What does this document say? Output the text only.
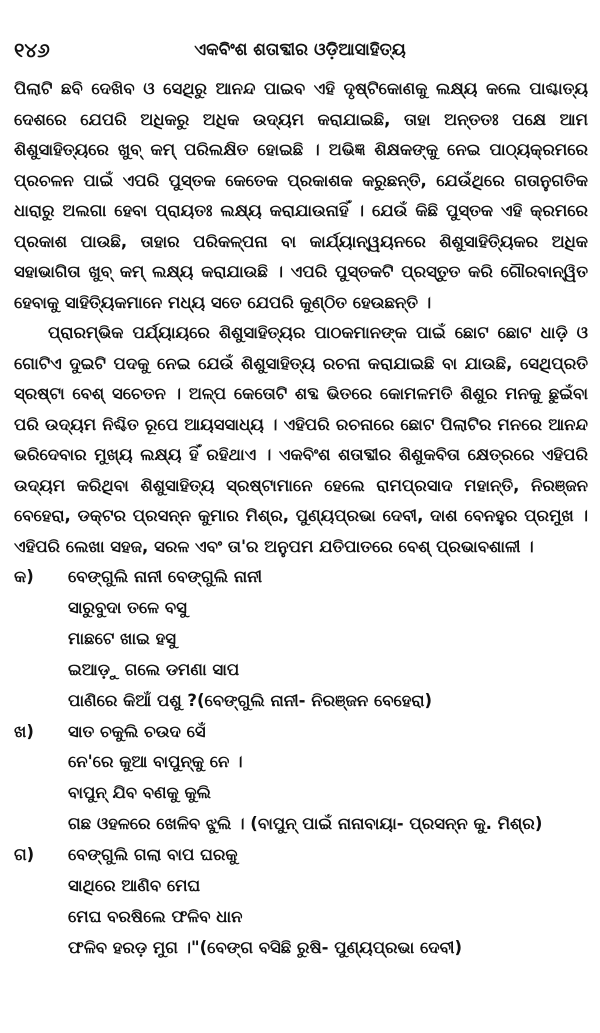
୧୪୬	ଏକବିଂଶ ଶତାବ୍ଦୀର ଓଡ଼ିଆସାହିତ୍ୟ

ପିଲାଟି ଛବି ଦେଖିବ ଓ ସେଥିରୁ ଆନନ୍ଦ ପାଇବ ଏହି ଦୃଷ୍ଟିକୋଣକୁ ଲକ୍ଷ୍ୟ କଲେ ପାଶ୍ଚାତ୍ୟ ଦେଶରେ ଯେପରି ଅଧିକରୁ ଅଧିକ ଉଦ୍ୟମ କରାଯାଇଛି, ତାହା ଅନ୍ତତଃ ପକ୍ଷେ ଆମ ଶିଶୁସାହିତ୍ୟରେ ଖୁବ୍ କମ୍ ପରିଲକ୍ଷିତ ହୋଇଛି । ଅଭିଜ୍ଞ ଶିକ୍ଷକଙ୍କୁ ନେଇ ପାଠ୍ୟକ୍ରମରେ ପ୍ରଚଳନ ପାଇଁ ଏପରି ପୁସ୍ତକ କେତେକ ପ୍ରକାଶକ କରୁଛନ୍ତି, ଯେଉଁଥିରେ ଗତାନୁଗତିକ ଧାରାରୁ ଅଲଗା ହେବା ପ୍ରାୟତଃ ଲକ୍ଷ୍ୟ କରାଯାଉନାହିଁ । ଯେଉଁ କିଛି ପୁସ୍ତକ ଏହି କ୍ରମରେ ପ୍ରକାଶ ପାଉଛି, ତାହାର ପରିକଳ୍ପନା ବା କାର୍ଯ୍ୟାନ୍ୱୟନରେ ଶିଶୁସାହିତ୍ୟିକର ଅଧିକ ସହାଭାଗିତା ଖୁବ୍ କମ୍ ଲକ୍ଷ୍ୟ କରାଯାଉଛି । ଏପରି ପୁସ୍ତକଟି ପ୍ରସ୍ତୁତ କରି ଗୌରବାନ୍ୱିତ ହେବାକୁ ସାହିତ୍ୟିକମାନେ ମଧ୍ୟ ସତେ ଯେପରି କୁଣ୍ଠିତ ହେଉଛନ୍ତି ।

ପ୍ରାରମ୍ଭିକ ପର୍ଯ୍ୟାୟରେ ଶିଶୁସାହିତ୍ୟର ପାଠକମାନଙ୍କ ପାଇଁ ଛୋଟ ଛୋଟ ଧାଡ଼ି ଓ ଗୋଟିଏ ଦୁଇଟି ପଦକୁ ନେଇ ଯେଉଁ ଶିଶୁସାହିତ୍ୟ ରଚନା କରାଯାଇଛି ବା ଯାଉଛି, ସେଥିପ୍ରତି ସ୍ରଷ୍ଟା ବେଶ୍ ସଚେତନ । ଅଳ୍ପ କେତୋଟି ଶବ୍ଦ ଭିତରେ କୋମଳମତି ଶିଶୁର ମନକୁ ଛୁଇଁବା ପରି ଉଦ୍ୟମ ନିଶ୍ଚିତ ରୂପେ ଆୟସସାଧ୍ୟ । ଏହିପରି ରଚନାରେ ଛୋଟ ପିଲାଟିର ମନରେ ଆନନ୍ଦ ଭରିଦେବାର ମୁଖ୍ୟ ଲକ୍ଷ୍ୟ ହିଁ ରହିଥାଏ । ଏକବିଂଶ ଶତାବ୍ଦୀର ଶିଶୁକବିତା କ୍ଷେତ୍ରରେ ଏହିପରି ଉଦ୍ୟମ କରିଥିବା ଶିଶୁସାହିତ୍ୟ ସ୍ରଷ୍ଟାମାନେ ହେଲେ ରାମପ୍ରସାଦ ମହାନ୍ତି, ନିରଞ୍ଜନ ବେହେରା, ଡକ୍ଟର ପ୍ରସନ୍ନ କୁମାର ମିଶ୍ର, ପୁଣ୍ୟପ୍ରଭା ଦେବୀ, ଦାଶ ବେନହୁର ପ୍ରମୁଖ । ଏହିପରି ଲେଖା ସହଜ, ସରଳ ଏବଂ ତା'ର ଅନୁପମ ଯତିପାତରେ ବେଶ୍ ପ୍ରଭାବଶାଳୀ ।

କ) ବେଙ୍ଗୁଲି ନାନୀ ବେଙ୍ଗୁଲି ନାନୀ
ସାରୁବୁଦା ତଳେ ବସୁ
ମାଛଟେ ଖାଇ ହସୁ
ଇଆଡ଼ୁ ଗଲେ ଡମଣା ସାପ
ପାଣିରେ କିଆଁ ପଶୁ ?(ବେଙ୍ଗୁଲି ନାନୀ- ନିରଞ୍ଜନ ବେହେରା)
ଖ) ସାତ ଚକୁଲି ଚଉଦ ସେଁ
ନେ'ରେ କୁଆ ବାପୁନ୍‌କୁ ନେ ।
ବାପୁନ୍ ଯିବ ବଣକୁ କୁଲି
ଗଛ ଓହଳରେ ଖେଳିବ ଝୁଲି । (ବାପୁନ୍ ପାଇଁ ନାନାବାୟା- ପ୍ରସନ୍ନ କୁ. ମିଶ୍ର)
ଗ) ବେଙ୍ଗୁଲି ଗଲା ବାପ ଘରକୁ
ସାଥିରେ ଆଣିବ ମେଘ
ମେଘ ବରଷିଲେ ଫଳିବ ଧାନ
ଫଳିବ ହରଡ଼ ମୁଗ ।"(ବେଙ୍ଗ ବସିଛି ରୁଷି- ପୁଣ୍ୟପ୍ରଭା ଦେବୀ)
